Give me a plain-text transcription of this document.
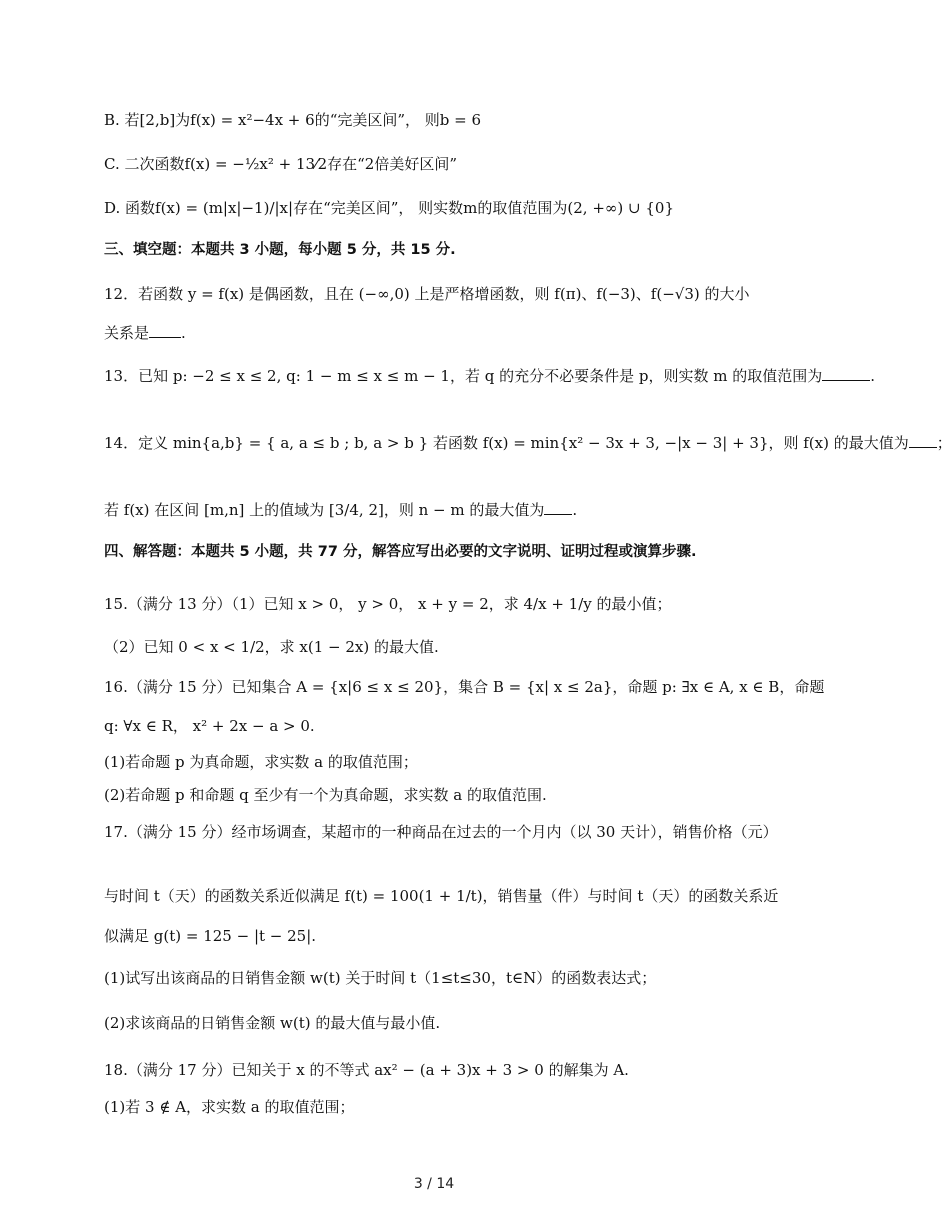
B. 若[2,b]为f(x) = x²−4x + 6的“完美区间”， 则b = 6
C. 二次函数f(x) = −½x² + 13⁄2存在“2倍美好区间”
D. 函数f(x) = (m|x|−1)/|x|存在“完美区间”， 则实数m的取值范围为(2, +∞) ∪ {0}
三、填空题：本题共 3 小题，每小题 5 分，共 15 分.
12．若函数 y = f(x) 是偶函数，且在 (−∞,0) 上是严格增函数，则 f(π)、f(−3)、f(−√3) 的大小
关系是 .
13．已知 p: −2 ≤ x ≤ 2, q: 1 − m ≤ x ≤ m − 1，若 q 的充分不必要条件是 p，则实数 m 的取值范围为	.
14．定义 min{a,b} = { a, a ≤ b ; b, a > b } 若函数 f(x) = min{x² − 3x + 3, −|x − 3| + 3}，则 f(x) 的最大值为 ；
若 f(x) 在区间 [m,n] 上的值域为 [3/4, 2]，则 n − m 的最大值为 .
四、解答题：本题共 5 小题，共 77 分，解答应写出必要的文字说明、证明过程或演算步骤.
15.（满分 13 分）（1）已知 x > 0， y > 0， x + y = 2，求 4/x + 1/y 的最小值；
（2）已知 0 < x < 1/2，求 x(1 − 2x) 的最大值.
16.（满分 15 分）已知集合 A = {x|6 ≤ x ≤ 20}，集合 B = {x| x ≤ 2a}，命题 p: ∃x ∈ A, x ∈ B，命题
q: ∀x ∈ R， x² + 2x − a > 0.
(1)若命题 p 为真命题，求实数 a 的取值范围；
(2)若命题 p 和命题 q 至少有一个为真命题，求实数 a 的取值范围.
17.（满分 15 分）经市场调查，某超市的一种商品在过去的一个月内（以 30 天计），销售价格（元）
与时间 t（天）的函数关系近似满足 f(t) = 100(1 + 1/t)，销售量（件）与时间 t（天）的函数关系近
似满足 g(t) = 125 − |t − 25|.
(1)试写出该商品的日销售金额 w(t) 关于时间 t（1≤t≤30，t∈N）的函数表达式；
(2)求该商品的日销售金额 w(t) 的最大值与最小值.
18.（满分 17 分）已知关于 x 的不等式 ax² − (a + 3)x + 3 > 0 的解集为 A.
(1)若 3 ∉ A，求实数 a 的取值范围；
3 / 14
